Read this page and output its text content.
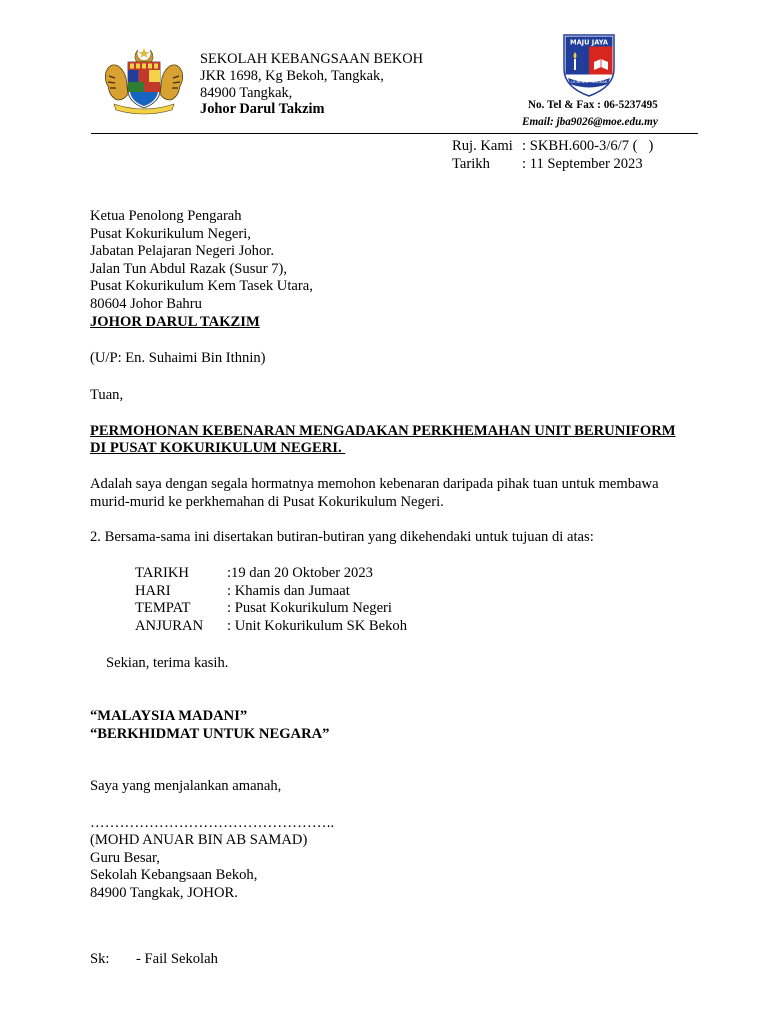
SEKOLAH KEBANGSAAN BEKOH
JKR 1698, Kg Bekoh, Tangkak,
84900 Tangkak,
Johor Darul Takzim
MAJU JAYA
LA BENIN TANGKAK
No. Tel & Fax : 06-5237495
Email: jba9026@moe.edu.my
Ruj. Kami : SKBH.600-3/6/7 (   )
Tarikh : 11 September 2023
Ketua Penolong Pengarah
Pusat Kokurikulum Negeri,
Jabatan Pelajaran Negeri Johor.
Jalan Tun Abdul Razak (Susur 7),
Pusat Kokurikulum Kem Tasek Utara,
80604 Johor Bahru
JOHOR DARUL TAKZIM
(U/P: En. Suhaimi Bin Ithnin)
Tuan,
PERMOHONAN KEBENARAN MENGADAKAN PERKHEMAHAN UNIT BERUNIFORM
DI PUSAT KOKURIKULUM NEGERI.
Adalah saya dengan segala hormatnya memohon kebenaran daripada pihak tuan untuk membawa
murid-murid ke perkhemahan di Pusat Kokurikulum Negeri.
2. Bersama-sama ini disertakan butiran-butiran yang dikehendaki untuk tujuan di atas:
TARIKH	:19 dan 20 Oktober 2023
HARI	: Khamis dan Jumaat
TEMPAT	: Pusat Kokurikulum Negeri
ANJURAN : Unit Kokurikulum SK Bekoh
Sekian, terima kasih.
“MALAYSIA MADANI”
“BERKHIDMAT UNTUK NEGARA”
Saya yang menjalankan amanah,
…………………………………………..
(MOHD ANUAR BIN AB SAMAD)
Guru Besar,
Sekolah Kebangsaan Bekoh,
84900 Tangkak, JOHOR.
Sk: - Fail Sekolah
